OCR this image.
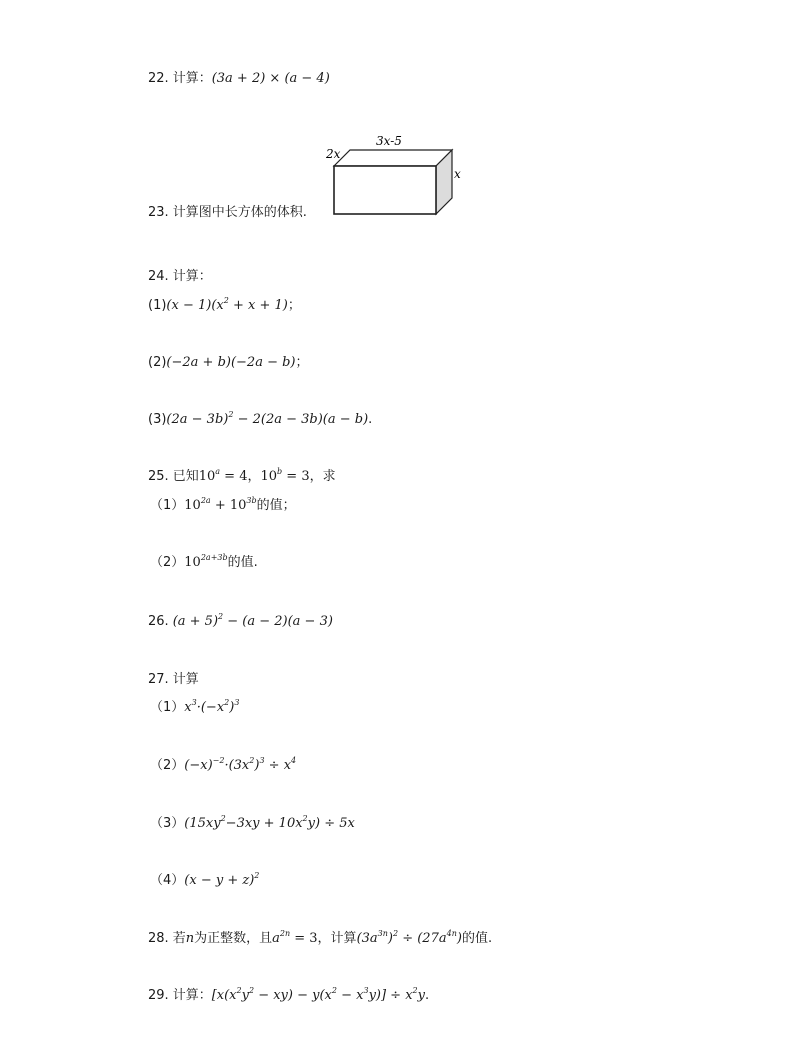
22. 计算：(3a + 2) × (a − 4)
23. 计算图中长方体的体积.
3x-5
2x
x
24. 计算：
$(1)(x - 1)(x^2 + x + 1)$；
(2)(−2a + b)(−2a − b)；
$(3)(2a - 3b)^2 - 2(2a - 3b)(a - b)$.
25. 已知$10^a = 4$，$10^b = 3$，求
$(1)10^{2a} + 10^{3b}$的值；
$(2)10^{2a+3b}$的值.
26. $(a + 5)^2 - (a - 2)(a - 3)$
27. 计算
$(1)x^3\cdot(-x^2)^3$
$(2)(-x)^{-2}\cdot(3x^2)^3 \div x^4$
$(3)(15xy^2-3xy + 10x^2y) \div 5x$
$(4)(x - y + z)^2$
28. 若n为正整数，且$a^{2n} = 3$，计算$(3a^{3n})^2 \div (27a^{4n})$的值.
29. 计算：$[x(x^2y^2 - xy) - y(x^2 - x^3y)] \div x^2y$.
